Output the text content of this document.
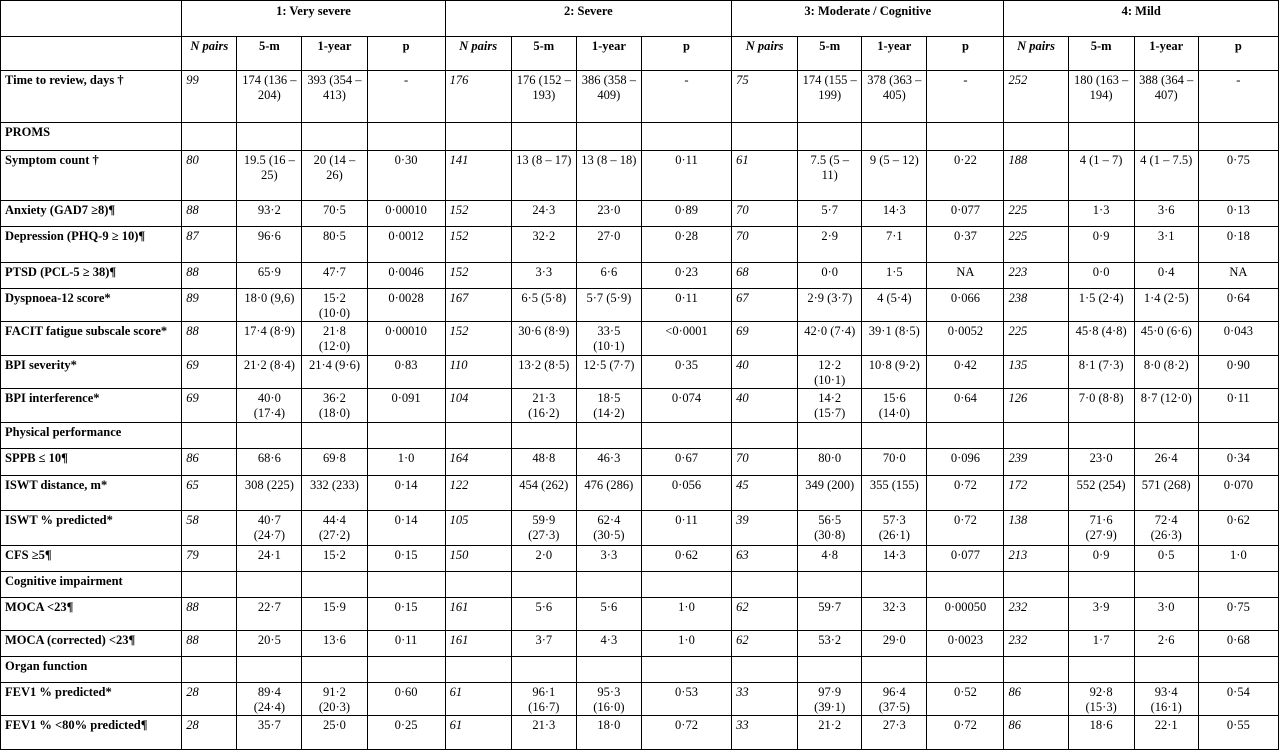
	1: Very severe				2: Severe				3: Moderate / Cognitive				4: Mild			
	N pairs	5-m	1-year	p	N pairs	5-m	1-year	p	N pairs	5-m	1-year	p	N pairs	5-m	1-year	p
Time to review, days †	99	174 (136 – 204)	393 (354 – 413)	-	176	176 (152 – 193)	386 (358 – 409)	-	75	174 (155 – 199)	378 (363 – 405)	-	252	180 (163 – 194)	388 (364 – 407)	-
PROMS																
Symptom count †	80	19.5 (16 – 25)	20 (14 – 26)	0·30	141	13 (8 – 17)	13 (8 – 18)	0·11	61	7.5 (5 – 11)	9 (5 – 12)	0·22	188	4 (1 – 7)	4 (1 – 7.5)	0·75
Anxiety (GAD7 ≥8)¶	88	93·2	70·5	0·00010	152	24·3	23·0	0·89	70	5·7	14·3	0·077	225	1·3	3·6	0·13
Depression (PHQ-9 ≥ 10)¶	87	96·6	80·5	0·0012	152	32·2	27·0	0·28	70	2·9	7·1	0·37	225	0·9	3·1	0·18
PTSD (PCL-5 ≥ 38)¶	88	65·9	47·7	0·0046	152	3·3	6·6	0·23	68	0·0	1·5	NA	223	0·0	0·4	NA
Dyspnoea-12 score*	89	18·0 (9,6)	15·2 (10·0)	0·0028	167	6·5 (5·8)	5·7 (5·9)	0·11	67	2·9 (3·7)	4 (5·4)	0·066	238	1·5 (2·4)	1·4 (2·5)	0·64
FACIT fatigue subscale score*	88	17·4 (8·9)	21·8 (12·0)	0·00010	152	30·6 (8·9)	33·5 (10·1)	<0·0001	69	42·0 (7·4)	39·1 (8·5)	0·0052	225	45·8 (4·8)	45·0 (6·6)	0·043
BPI severity*	69	21·2 (8·4)	21·4 (9·6)	0·83	110	13·2 (8·5)	12·5 (7·7)	0·35	40	12·2 (10·1)	10·8 (9·2)	0·42	135	8·1 (7·3)	8·0 (8·2)	0·90
BPI interference*	69	40·0 (17·4)	36·2 (18·0)	0·091	104	21·3 (16·2)	18·5 (14·2)	0·074	40	14·2 (15·7)	15·6 (14·0)	0·64	126	7·0 (8·8)	8·7 (12·0)	0·11
Physical performance																
SPPB ≤ 10¶	86	68·6	69·8	1·0	164	48·8	46·3	0·67	70	80·0	70·0	0·096	239	23·0	26·4	0·34
ISWT distance, m*	65	308 (225)	332 (233)	0·14	122	454 (262)	476 (286)	0·056	45	349 (200)	355 (155)	0·72	172	552 (254)	571 (268)	0·070
ISWT % predicted*	58	40·7 (24·7)	44·4 (27·2)	0·14	105	59·9 (27·3)	62·4 (30·5)	0·11	39	56·5 (30·8)	57·3 (26·1)	0·72	138	71·6 (27·9)	72·4 (26·3)	0·62
CFS ≥5¶	79	24·1	15·2	0·15	150	2·0	3·3	0·62	63	4·8	14·3	0·077	213	0·9	0·5	1·0
Cognitive impairment																
MOCA <23¶	88	22·7	15·9	0·15	161	5·6	5·6	1·0	62	59·7	32·3	0·00050	232	3·9	3·0	0·75
MOCA (corrected) <23¶	88	20·5	13·6	0·11	161	3·7	4·3	1·0	62	53·2	29·0	0·0023	232	1·7	2·6	0·68
Organ function																
FEV1 % predicted*	28	89·4 (24·4)	91·2 (20·3)	0·60	61	96·1 (16·7)	95·3 (16·0)	0·53	33	97·9 (39·1)	96·4 (37·5)	0·52	86	92·8 (15·3)	93·4 (16·1)	0·54
FEV1 % <80% predicted¶	28	35·7	25·0	0·25	61	21·3	18·0	0·72	33	21·2	27·3	0·72	86	18·6	22·1	0·55
